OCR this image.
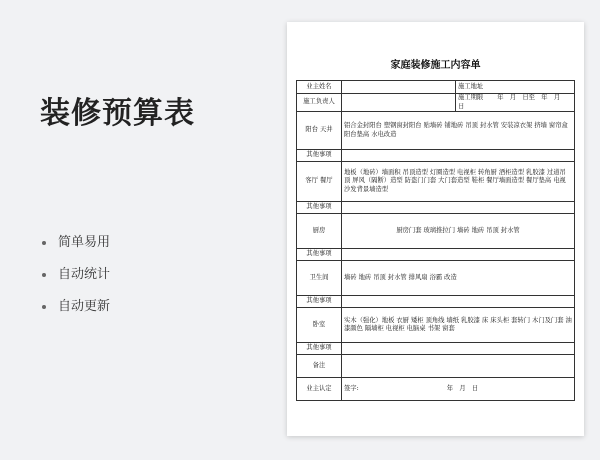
装修预算表
简单易用
自动统计
自动更新
家庭装修施工内容单
业主姓名		施工地址
施工负责人		施工期限 年　月　日至　年　月　日
阳台 天井	铝合金封阳台 塑钢窗封阳台 贴墙砖 铺地砖 吊顶 封水管 安装凉衣架 挤墙 窗帘盒 阳台垫高 水电改造	
其他事项		
客厅 餐厅	地板（地砖）墙面积 吊顶造型 灯圈造型 电视柜 转角厨 酒柜造型 乳胶漆 过道吊顶 屏风（隔断）造型 防盗门门套 大门套造型 鞋柜 餐厅墙面造型 餐厅垫高 电视沙发背景墙造型	
其他事项		
厨房	厨房门套 玻璃推拉门 墙砖 地砖 吊顶 封水管	
其他事项		
卫生间	墙砖 地砖 吊顶 封水管 排风扇 浴霸 改造	
其他事项		
卧室	实木（强化）地板 衣厨 矮柜 顶角线 墙纸 乳胶漆 床 床头柜 套转门 木门及门套 油漆颜色 隔墙柜 电视柜 电脑桌 书架 窗套	
其他事项		
备注		
业主认定	签字: 年　月　日	
